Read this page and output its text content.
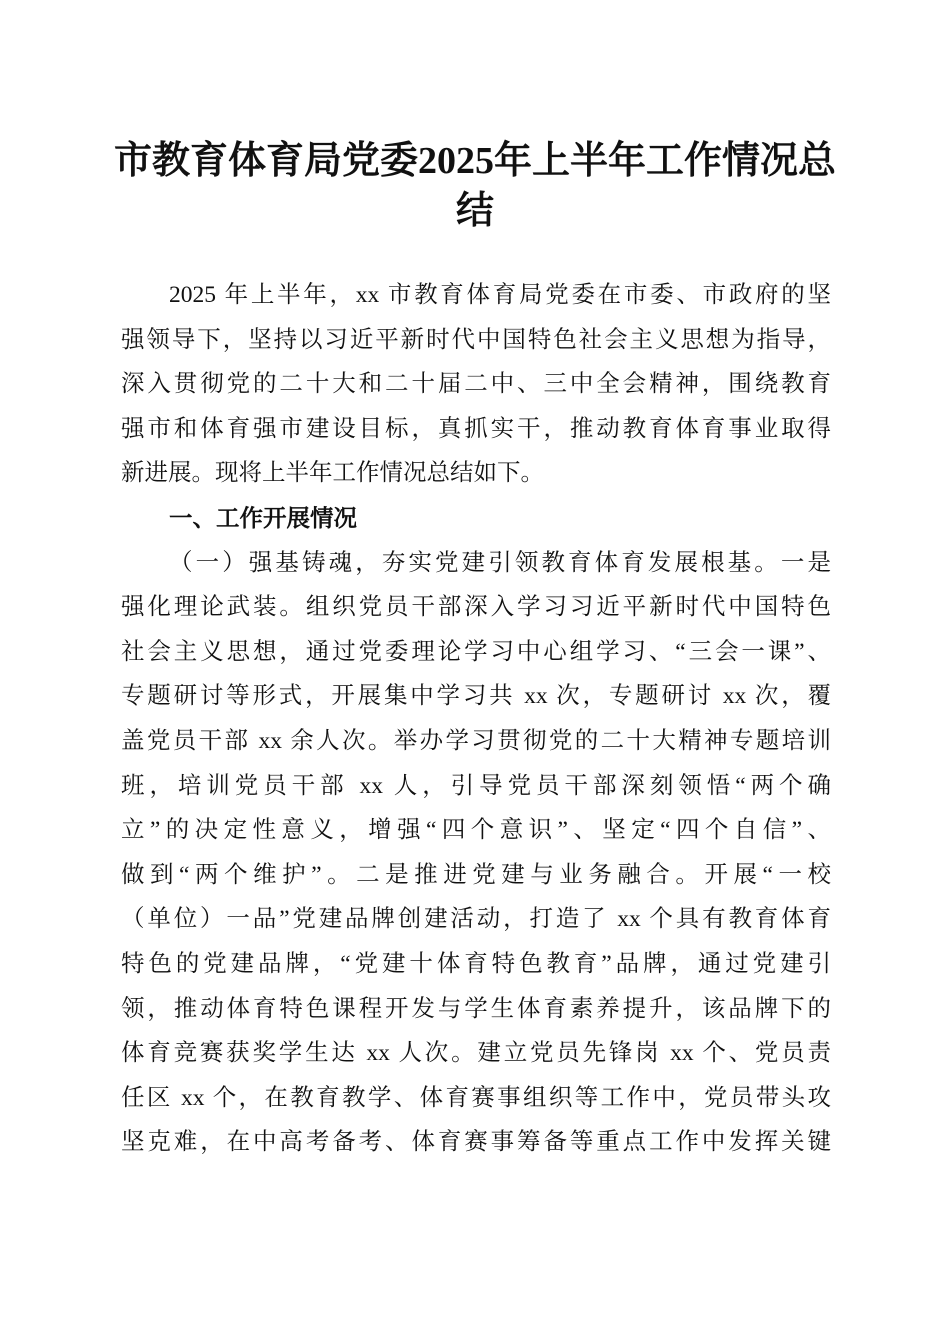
市教育体育局党委2025年上半年工作情况总
结
2025 年上半年，xx 市教育体育局党委在市委、市政府的坚
强领导下，坚持以习近平新时代中国特色社会主义思想为指导，
深入贯彻党的二十大和二十届二中、三中全会精神，围绕教育
强市和体育强市建设目标，真抓实干，推动教育体育事业取得
新进展。现将上半年工作情况总结如下。
一、工作开展情况
（一）强基铸魂，夯实党建引领教育体育发展根基。一是
强化理论武装。组织党员干部深入学习习近平新时代中国特色
社会主义思想，通过党委理论学习中心组学习、“三会一课”、
专题研讨等形式，开展集中学习共 xx 次，专题研讨 xx 次，覆
盖党员干部 xx 余人次。举办学习贯彻党的二十大精神专题培训
班，培训党员干部 xx 人，引导党员干部深刻领悟“两个确
立”的决定性意义，增强“四个意识”、坚定“四个自信”、
做到“两个维护”。二是推进党建与业务融合。开展“一校
（单位）一品”党建品牌创建活动，打造了 xx 个具有教育体育
特色的党建品牌，“党建十体育特色教育”品牌，通过党建引
领，推动体育特色课程开发与学生体育素养提升，该品牌下的
体育竞赛获奖学生达 xx 人次。建立党员先锋岗 xx 个、党员责
任区 xx 个，在教育教学、体育赛事组织等工作中，党员带头攻
坚克难，在中高考备考、体育赛事筹备等重点工作中发挥关键
